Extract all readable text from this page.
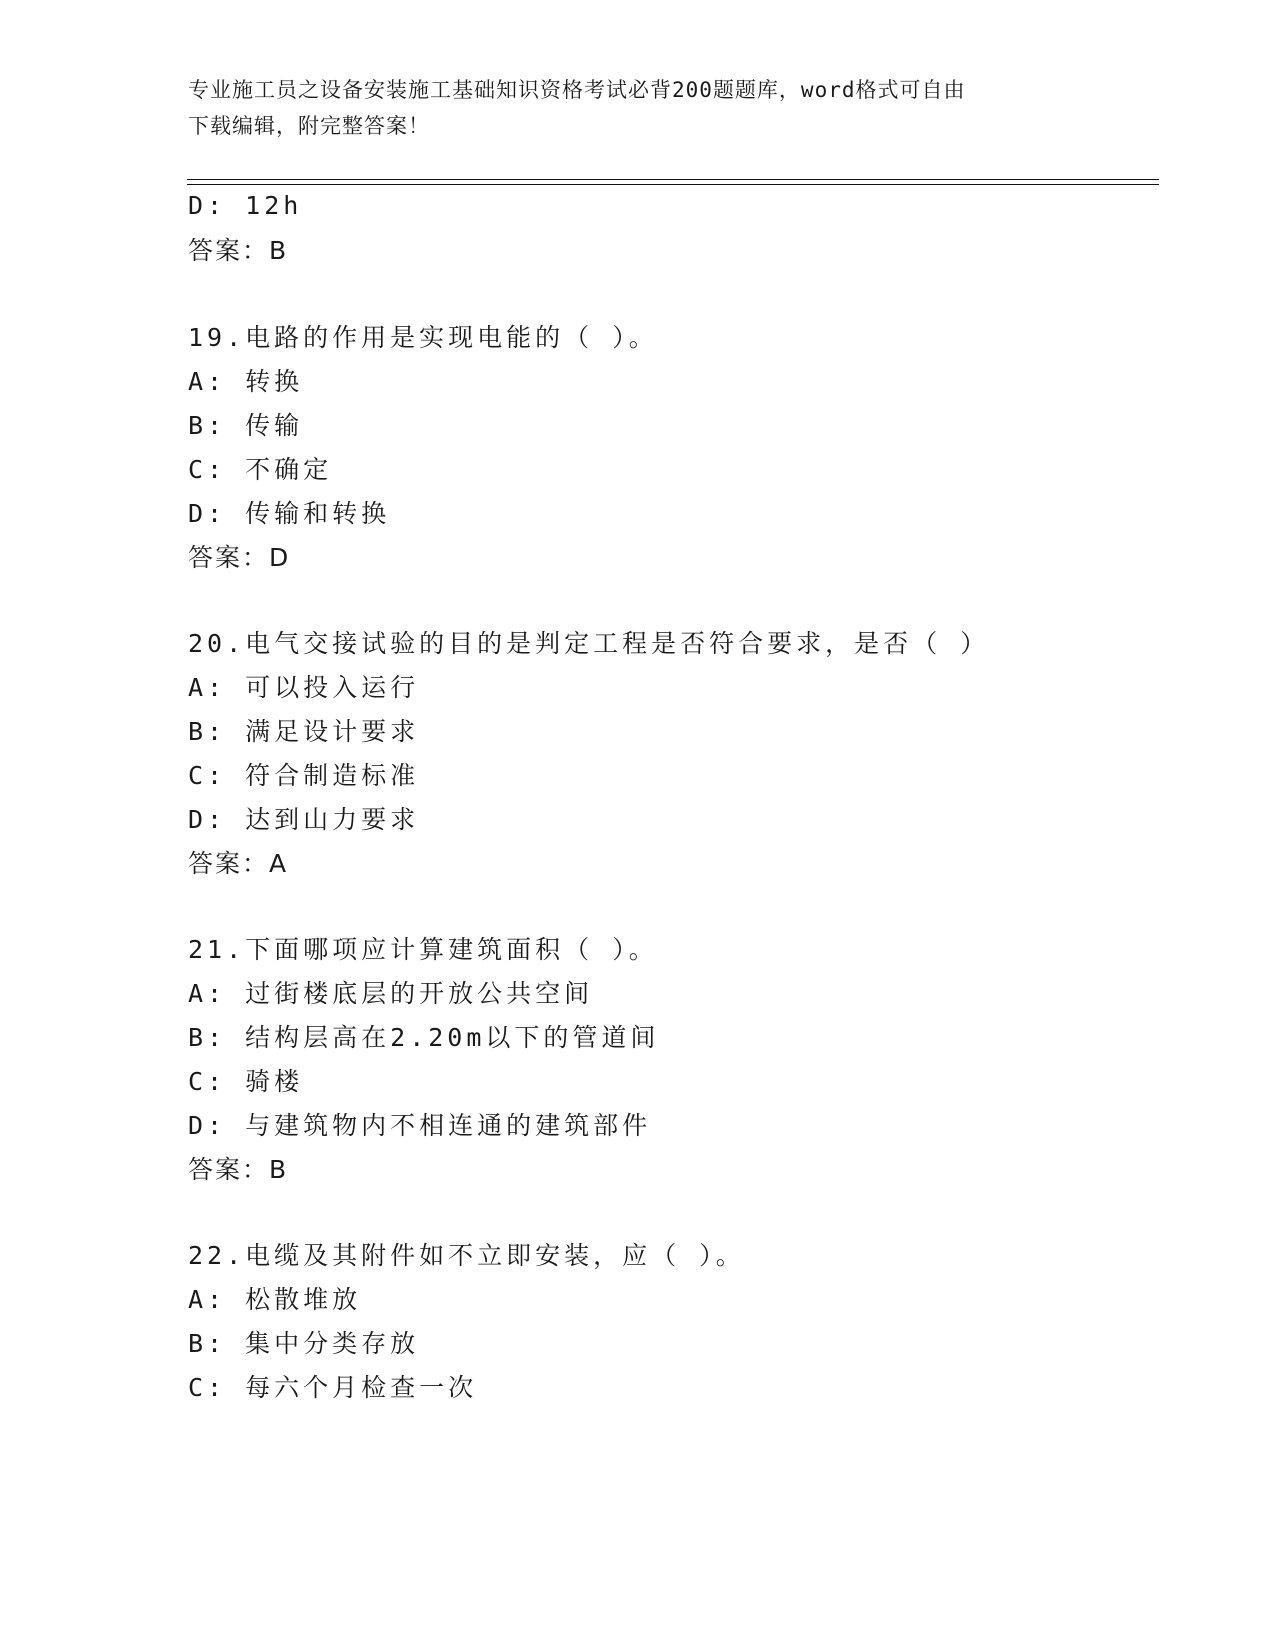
专业施工员之设备安装施工基础知识资格考试必背200题题库，word格式可自由
下载编辑，附完整答案！
D: 12h
答案：B
19.电路的作用是实现电能的（ ）。
A: 转换
B: 传输
C: 不确定
D: 传输和转换
答案：D
20.电气交接试验的目的是判定工程是否符合要求，是否（ ）
A: 可以投入运行
B: 满足设计要求
C: 符合制造标准
D: 达到山力要求
答案：A
21.下面哪项应计算建筑面积（ ）。
A: 过街楼底层的开放公共空间
B: 结构层高在2.20m以下的管道间
C: 骑楼
D: 与建筑物内不相连通的建筑部件
答案：B
22.电缆及其附件如不立即安装，应（ ）。
A: 松散堆放
B: 集中分类存放
C: 每六个月检查一次
